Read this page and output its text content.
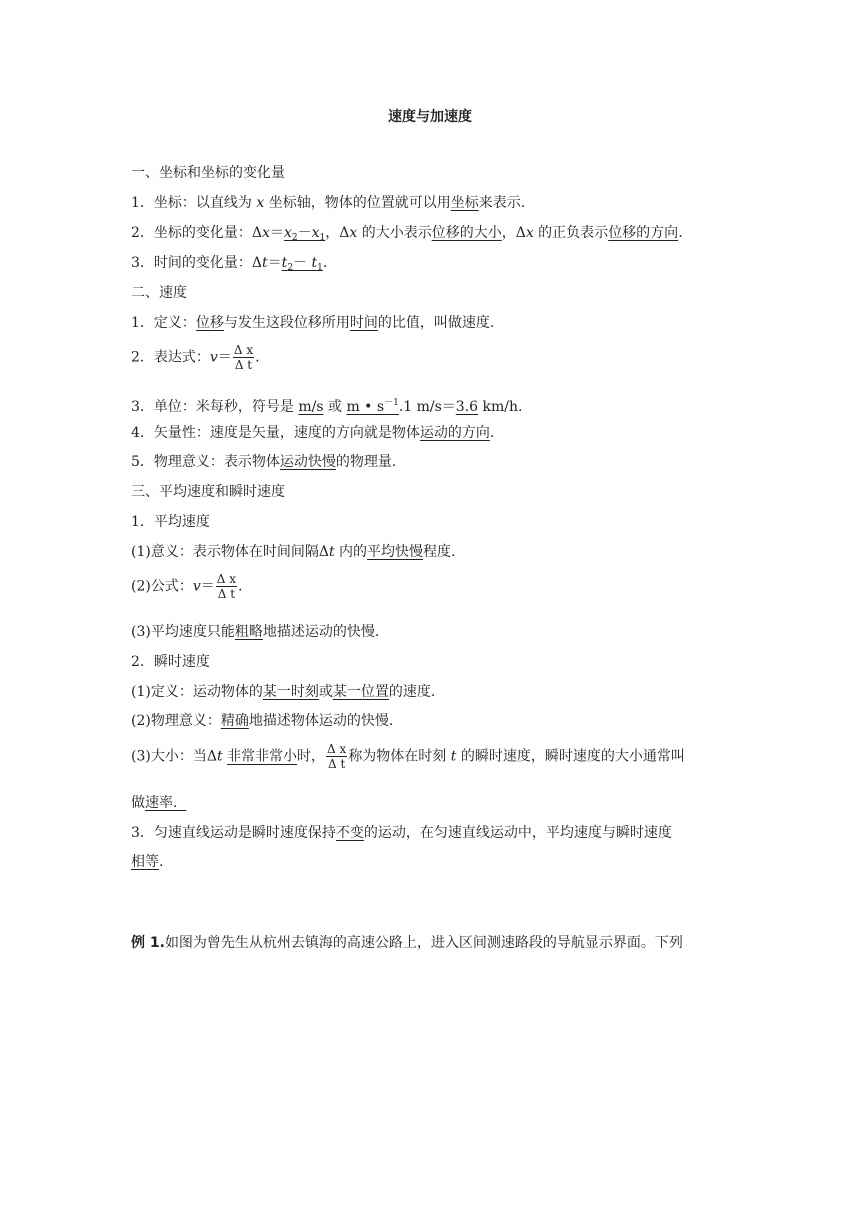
速度与加速度
一、坐标和坐标的变化量
1．坐标：以直线为 x 坐标轴，物体的位置就可以用坐标来表示.
2．坐标的变化量：$\Delta x=x_2-x_1$，Δx 的大小表示位移的大小，Δx 的正负表示位移的方向.
3．时间的变化量：$\Delta t=t_2- t_1$.
二、速度
1．定义：位移与发生这段位移所用时间的比值，叫做速度.
2．表达式：$v= \frac{\text{Δ x}}{\text{Δ t}}$ .
3．单位：米每秒，符号是 m/s 或 m • $s^{-1}.1$ m/s＝3.6 km/h.
4．矢量性：速度是矢量，速度的方向就是物体运动的方向.
5．物理意义：表示物体运动快慢的物理量.
三、平均速度和瞬时速度
1．平均速度
(1)意义：表示物体在时间间隔Δt 内的平均快慢程度.
(2)公式：$v= \frac{\text{Δ x}}{\text{Δ t}}$ .
(3)平均速度只能粗略地描述运动的快慢.
2．瞬时速度
(1)定义：运动物体的某一时刻或某一位置的速度.
(2)物理意义：精确地描述物体运动的快慢.
(3)大小：当Δt 非常非常小时， $\frac{\text{Δ x}}{\text{Δ t}}$ 称为物体在时刻 t 的瞬时速度，瞬时速度的大小通常叫
做速率.
3．匀速直线运动是瞬时速度保持不变的运动，在匀速直线运动中，平均速度与瞬时速度
相等.
例 1.如图为曾先生从杭州去镇海的高速公路上，进入区间测速路段的导航显示界面。下列
